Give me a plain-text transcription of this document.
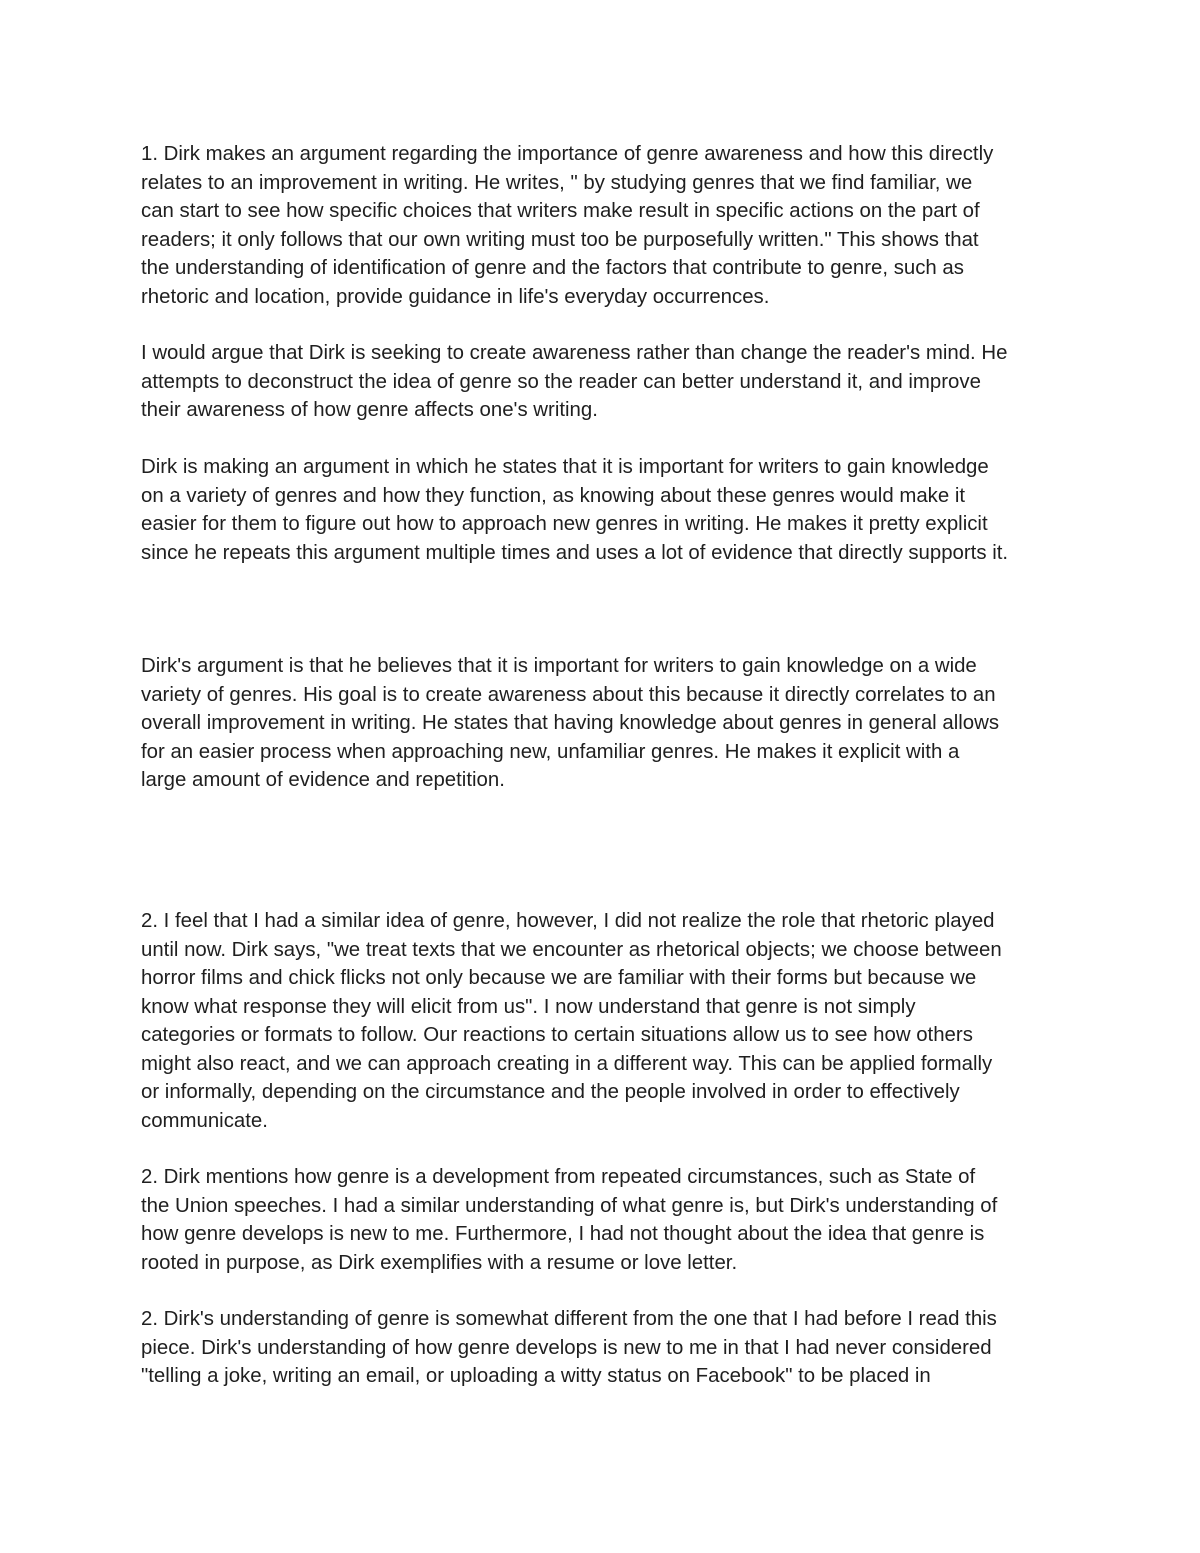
1. Dirk makes an argument regarding the importance of genre awareness and how this directly
relates to an improvement in writing. He writes, " by studying genres that we find familiar, we
can start to see how specific choices that writers make result in specific actions on the part of
readers; it only follows that our own writing must too be purposefully written." This shows that
the understanding of identification of genre and the factors that contribute to genre, such as
rhetoric and location, provide guidance in life's everyday occurrences.

I would argue that Dirk is seeking to create awareness rather than change the reader's mind. He
attempts to deconstruct the idea of genre so the reader can better understand it, and improve
their awareness of how genre affects one's writing.

Dirk is making an argument in which he states that it is important for writers to gain knowledge
on a variety of genres and how they function, as knowing about these genres would make it
easier for them to figure out how to approach new genres in writing. He makes it pretty explicit
since he repeats this argument multiple times and uses a lot of evidence that directly supports it.

Dirk's argument is that he believes that it is important for writers to gain knowledge on a wide
variety of genres. His goal is to create awareness about this because it directly correlates to an
overall improvement in writing. He states that having knowledge about genres in general allows
for an easier process when approaching new, unfamiliar genres. He makes it explicit with a
large amount of evidence and repetition.

2. I feel that I had a similar idea of genre, however, I did not realize the role that rhetoric played
until now. Dirk says, "we treat texts that we encounter as rhetorical objects; we choose between
horror films and chick flicks not only because we are familiar with their forms but because we
know what response they will elicit from us". I now understand that genre is not simply
categories or formats to follow. Our reactions to certain situations allow us to see how others
might also react, and we can approach creating in a different way. This can be applied formally
or informally, depending on the circumstance and the people involved in order to effectively
communicate.

2. Dirk mentions how genre is a development from repeated circumstances, such as State of
the Union speeches. I had a similar understanding of what genre is, but Dirk's understanding of
how genre develops is new to me. Furthermore, I had not thought about the idea that genre is
rooted in purpose, as Dirk exemplifies with a resume or love letter.

2. Dirk's understanding of genre is somewhat different from the one that I had before I read this
piece. Dirk's understanding of how genre develops is new to me in that I had never considered
"telling a joke, writing an email, or uploading a witty status on Facebook" to be placed in
